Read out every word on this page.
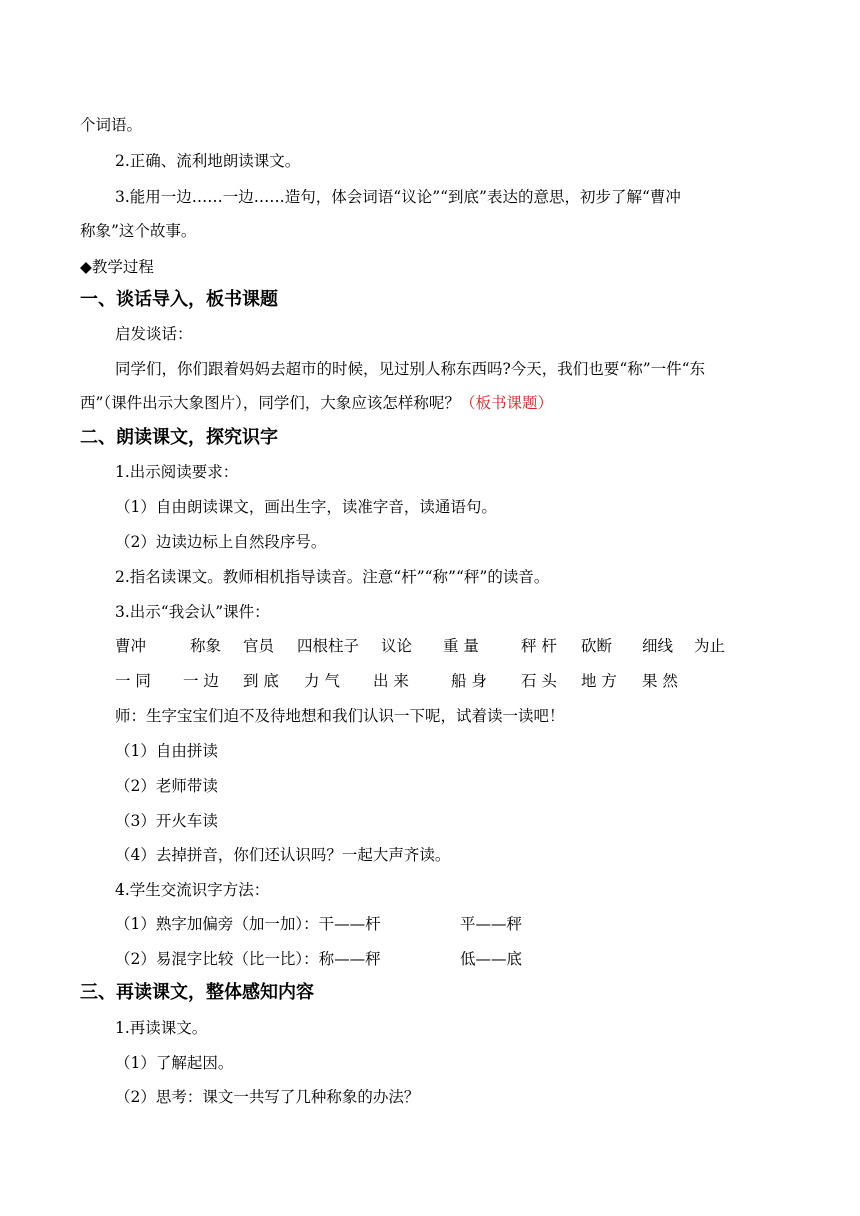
个词语。
2.正确、流利地朗读课文。
3.能用一边……一边……造句，体会词语“议论”“到底”表达的意思，初步了解“曹冲
称象”这个故事。
◆教学过程
一、谈话导入，板书课题
启发谈话：
同学们，你们跟着妈妈去超市的时候，见过别人称东西吗?今天，我们也要“称”一件“东
西”（课件出示大象图片），同学们，大象应该怎样称呢？（板书课题）
二、朗读课文，探究识字
1.出示阅读要求：
（1）自由朗读课文，画出生字，读准字音，读通语句。
（2）边读边标上自然段序号。
2.指名读课文。教师相机指导读音。注意“杆”“称”“秤”的读音。
3.出示“我会认”课件：
曹冲	称象 官员 四根柱子 议论 重 量	秤 杆 砍断 细线 为止
一 同 一 边 到 底 力 气 出 来	船 身 石 头 地 方 果 然
师：生字宝宝们迫不及待地想和我们认识一下呢，试着读一读吧！
（1）自由拼读
（2）老师带读
（3）开火车读
（4）去掉拼音，你们还认识吗？一起大声齐读。
4.学生交流识字方法：
（1）熟字加偏旁（加一加）：干——杆	平——秤
（2）易混字比较（比一比）：称——秤	低——底
三、再读课文，整体感知内容
1.再读课文。
（1）了解起因。
（2）思考：课文一共写了几种称象的办法？
